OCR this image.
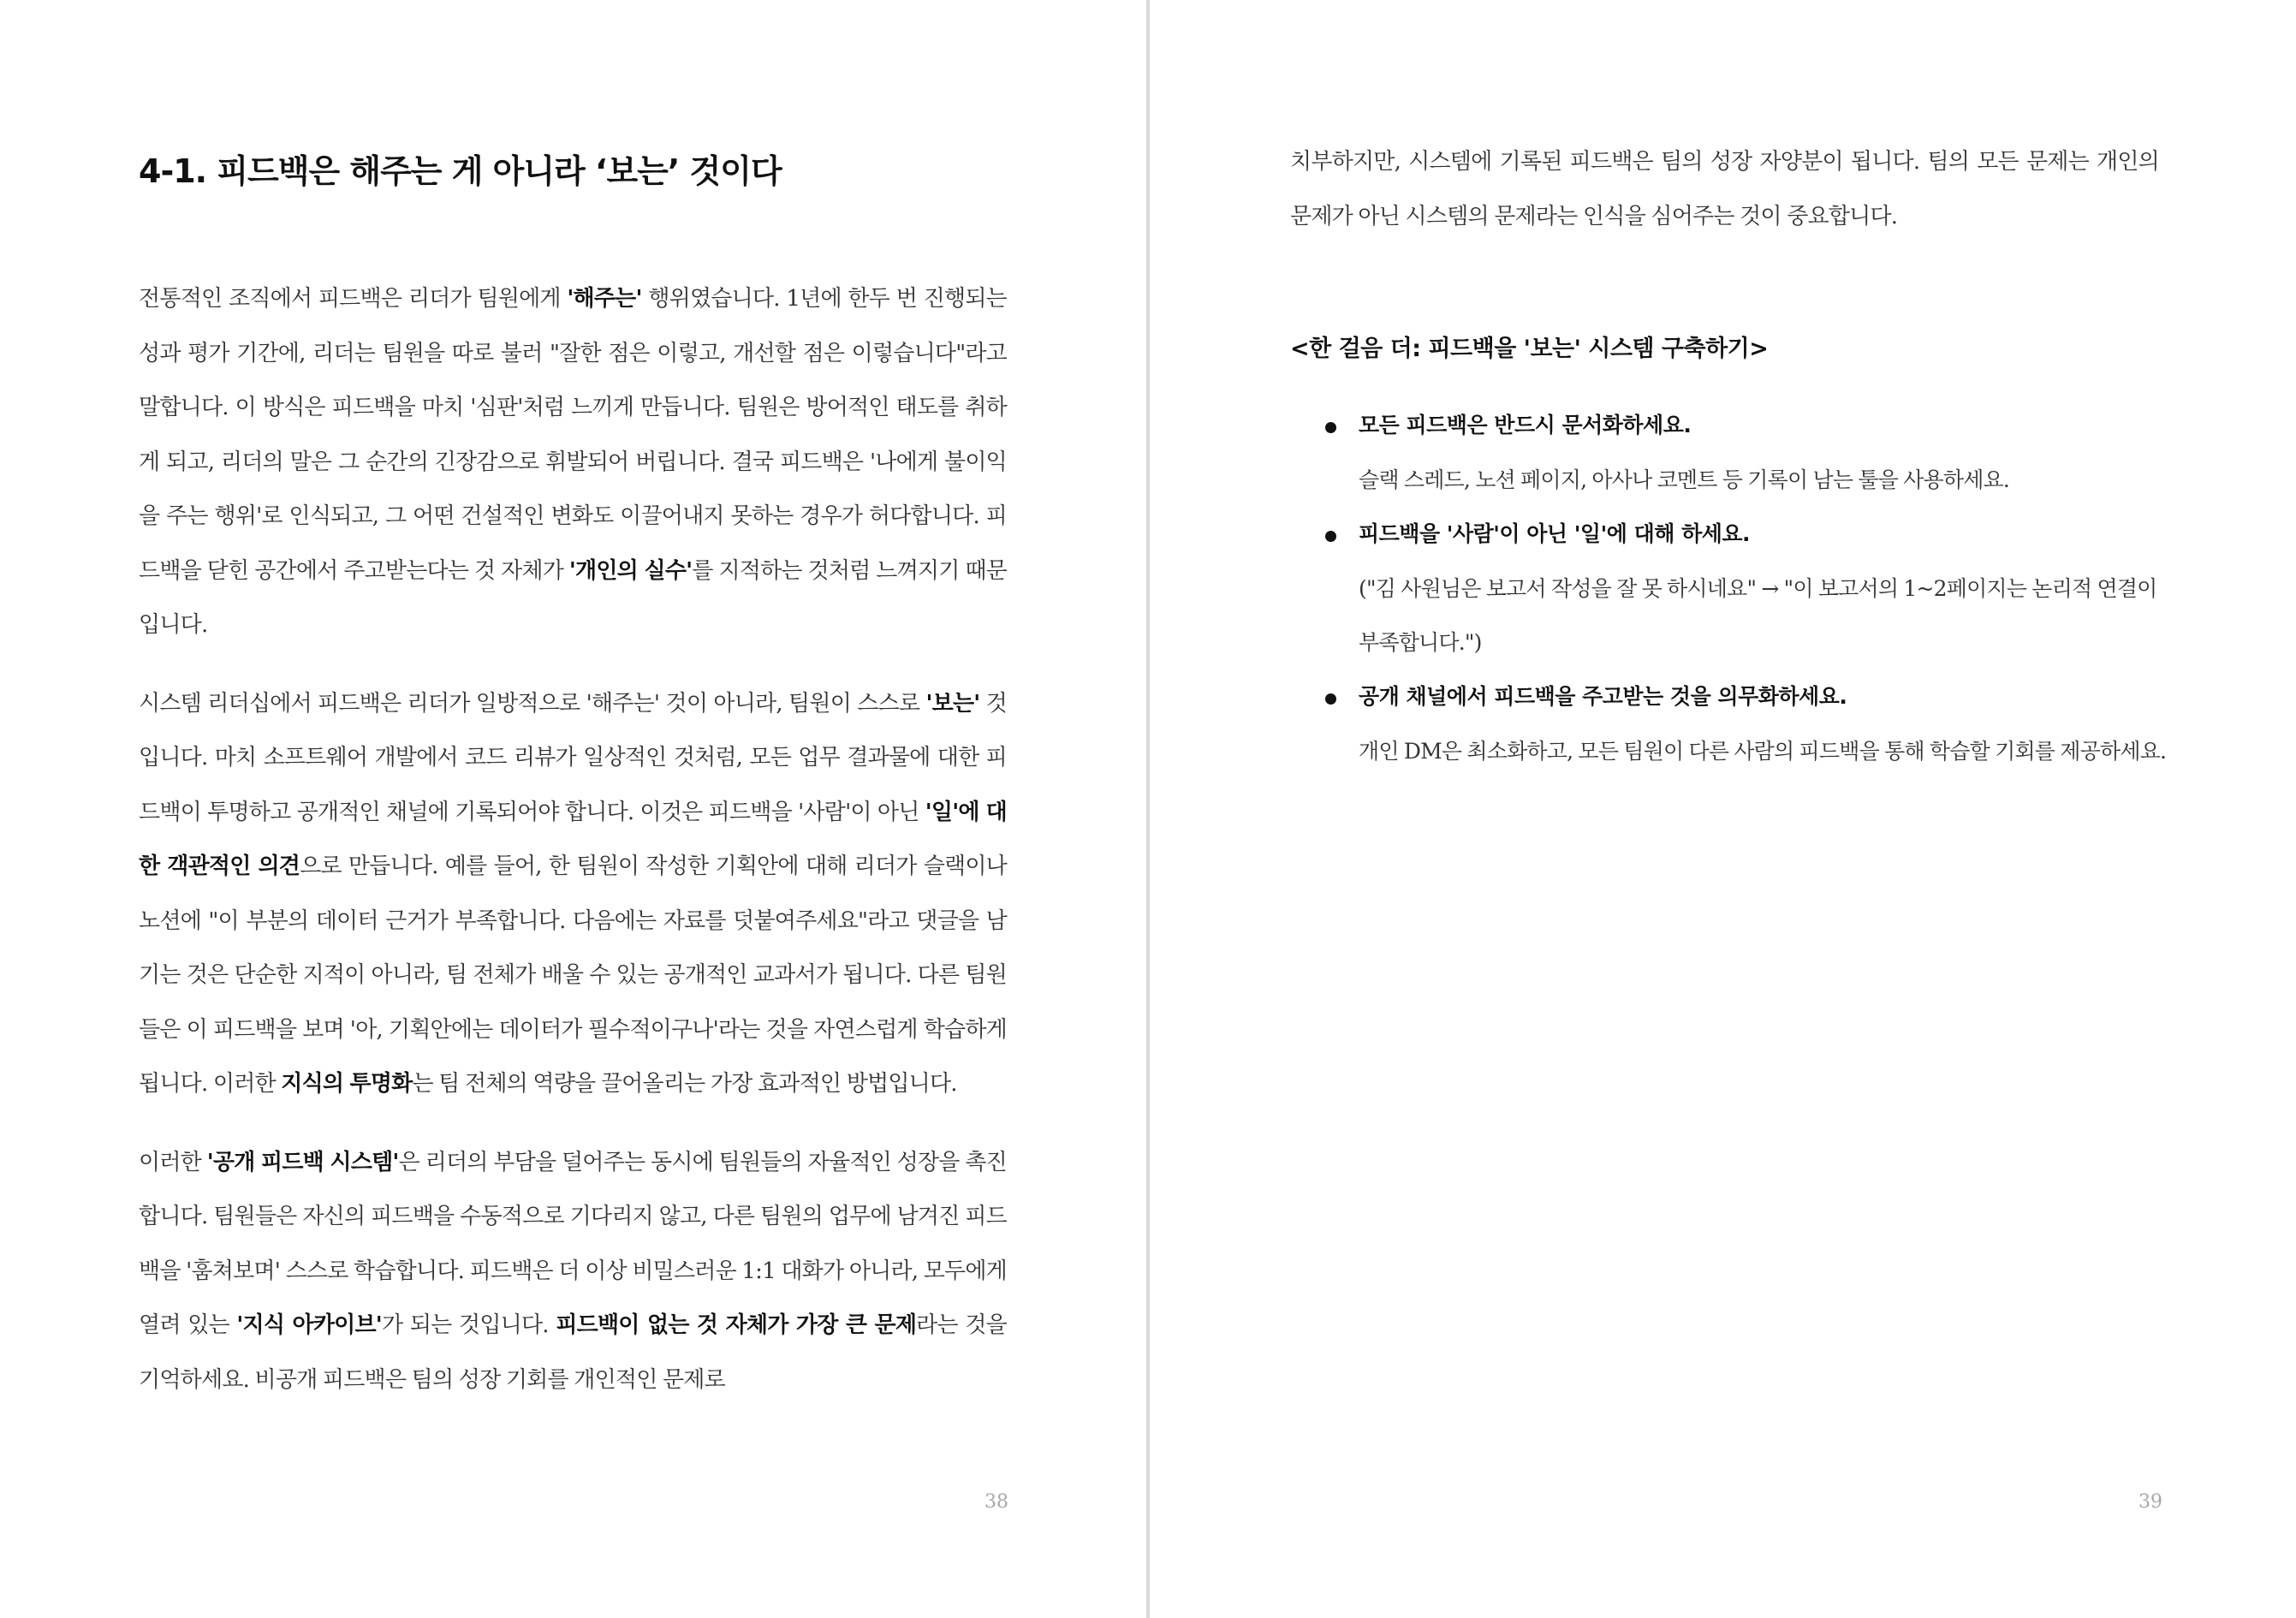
4-1. 피드백은 해주는 게 아니라 ‘보는’ 것이다

전통적인 조직에서 피드백은 리더가 팀원에게 '해주는' 행위였습니다. 1년에 한두 번 진행되는 성과 평가 기간에, 리더는 팀원을 따로 불러 "잘한 점은 이렇고, 개선할 점은 이렇습니다"라고 말합니다. 이 방식은 피드백을 마치 '심판'처럼 느끼게 만듭니다. 팀원은 방어적인 태도를 취하게 되고, 리더의 말은 그 순간의 긴장감으로 휘발되어 버립니다. 결국 피드백은 '나에게 불이익을 주는 행위'로 인식되고, 그 어떤 건설적인 변화도 이끌어내지 못하는 경우가 허다합니다. 피드백을 닫힌 공간에서 주고받는다는 것 자체가 '개인의 실수'를 지적하는 것처럼 느껴지기 때문입니다.

시스템 리더십에서 피드백은 리더가 일방적으로 '해주는' 것이 아니라, 팀원이 스스로 '보는' 것입니다. 마치 소프트웨어 개발에서 코드 리뷰가 일상적인 것처럼, 모든 업무 결과물에 대한 피드백이 투명하고 공개적인 채널에 기록되어야 합니다. 이것은 피드백을 '사람'이 아닌 '일'에 대한 객관적인 의견으로 만듭니다. 예를 들어, 한 팀원이 작성한 기획안에 대해 리더가 슬랙이나 노션에 "이 부분의 데이터 근거가 부족합니다. 다음에는 자료를 덧붙여주세요"라고 댓글을 남기는 것은 단순한 지적이 아니라, 팀 전체가 배울 수 있는 공개적인 교과서가 됩니다. 다른 팀원들은 이 피드백을 보며 '아, 기획안에는 데이터가 필수적이구나'라는 것을 자연스럽게 학습하게 됩니다. 이러한 지식의 투명화는 팀 전체의 역량을 끌어올리는 가장 효과적인 방법입니다.

이러한 '공개 피드백 시스템'은 리더의 부담을 덜어주는 동시에 팀원들의 자율적인 성장을 촉진합니다. 팀원들은 자신의 피드백을 수동적으로 기다리지 않고, 다른 팀원의 업무에 남겨진 피드백을 '훔쳐보며' 스스로 학습합니다. 피드백은 더 이상 비밀스러운 1:1 대화가 아니라, 모두에게 열려 있는 '지식 아카이브'가 되는 것입니다. 피드백이 없는 것 자체가 가장 큰 문제라는 것을 기억하세요. 비공개 피드백은 팀의 성장 기회를 개인적인 문제로

38

치부하지만, 시스템에 기록된 피드백은 팀의 성장 자양분이 됩니다. 팀의 모든 문제는 개인의 문제가 아닌 시스템의 문제라는 인식을 심어주는 것이 중요합니다.

<한 걸음 더: 피드백을 '보는' 시스템 구축하기>
모든 피드백은 반드시 문서화하세요.
슬랙 스레드, 노션 페이지, 아사나 코멘트 등 기록이 남는 툴을 사용하세요.
피드백을 '사람'이 아닌 '일'에 대해 하세요.
("김 사원님은 보고서 작성을 잘 못 하시네요" → "이 보고서의 1~2페이지는 논리적 연결이 부족합니다.")
공개 채널에서 피드백을 주고받는 것을 의무화하세요.
개인 DM은 최소화하고, 모든 팀원이 다른 사람의 피드백을 통해 학습할 기회를 제공하세요.
39
